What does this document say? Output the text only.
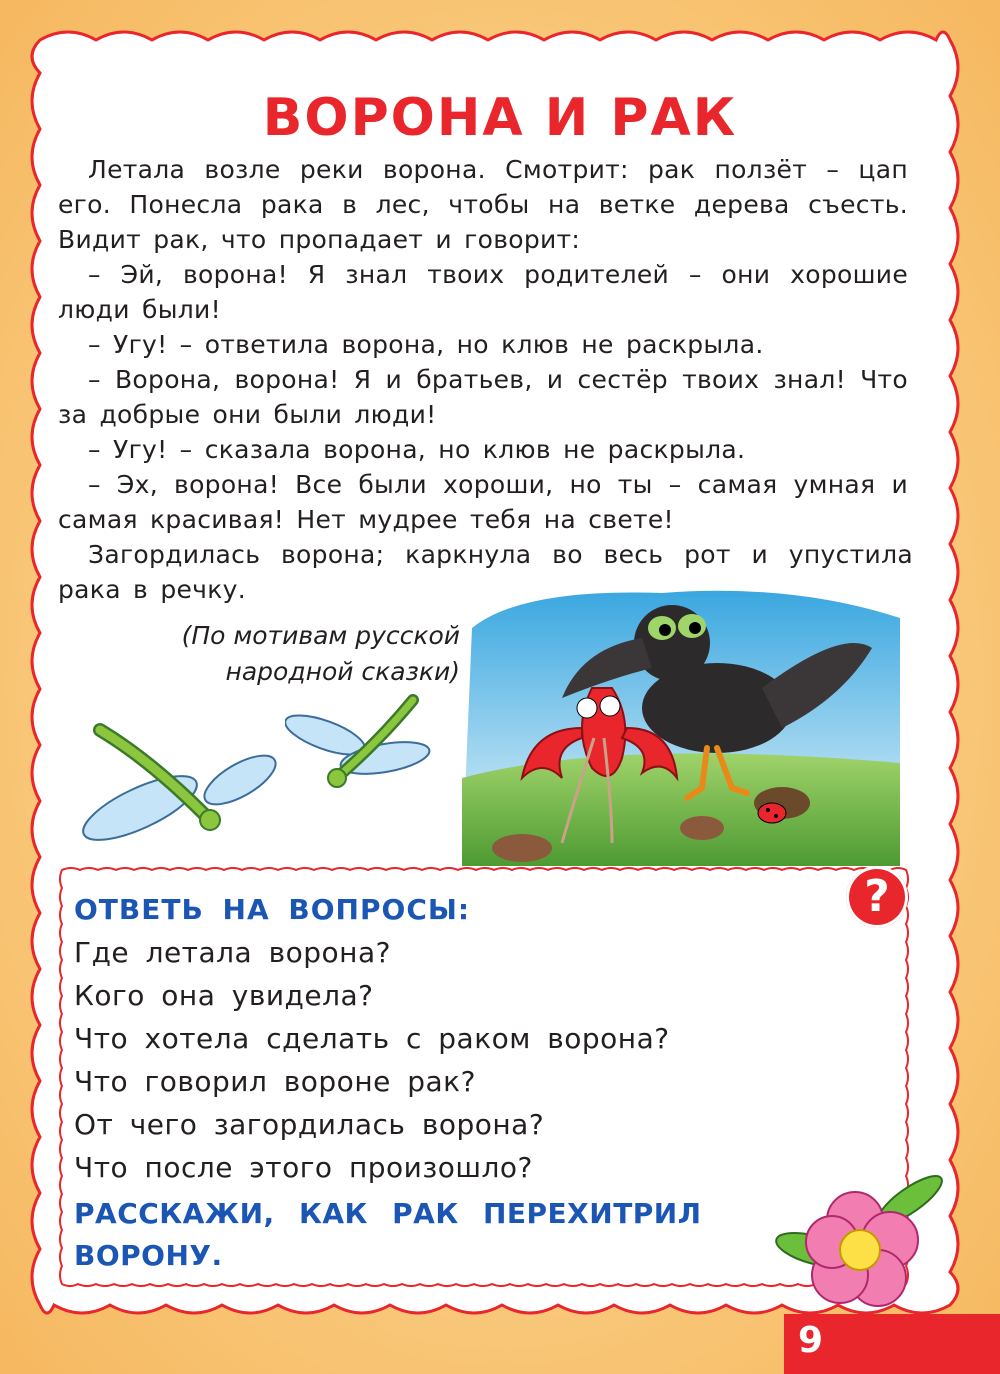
ВОРОНА И РАК

Летала возле реки ворона. Смотрит: рак ползёт – цап его. Понесла рака в лес, чтобы на ветке дерева съесть. Видит рак, что пропадает и говорит:

– Эй, ворона! Я знал твоих родителей – они хорошие люди были!

– Угу! – ответила ворона, но клюв не раскрыла.

– Ворона, ворона! Я и братьев, и сестёр твоих знал! Что за добрые они были люди!

– Угу! – сказала ворона, но клюв не раскрыла.

– Эх, ворона! Все были хороши, но ты – самая умная и самая красивая! Нет мудрее тебя на свете!

Загордилась ворона; каркнула во весь рот и упустила рака в речку.

(По мотивам русской
народной сказки)
ОТВЕТЬ НА ВОПРОСЫ:
Где летала ворона?
Кого она увидела?
Что хотела сделать с раком ворона?
Что говорил вороне рак?
От чего загордилась ворона?
Что после этого произошло?
РАССКАЖИ, КАК РАК ПЕРЕХИТРИЛ ВОРОНУ.
?
9
